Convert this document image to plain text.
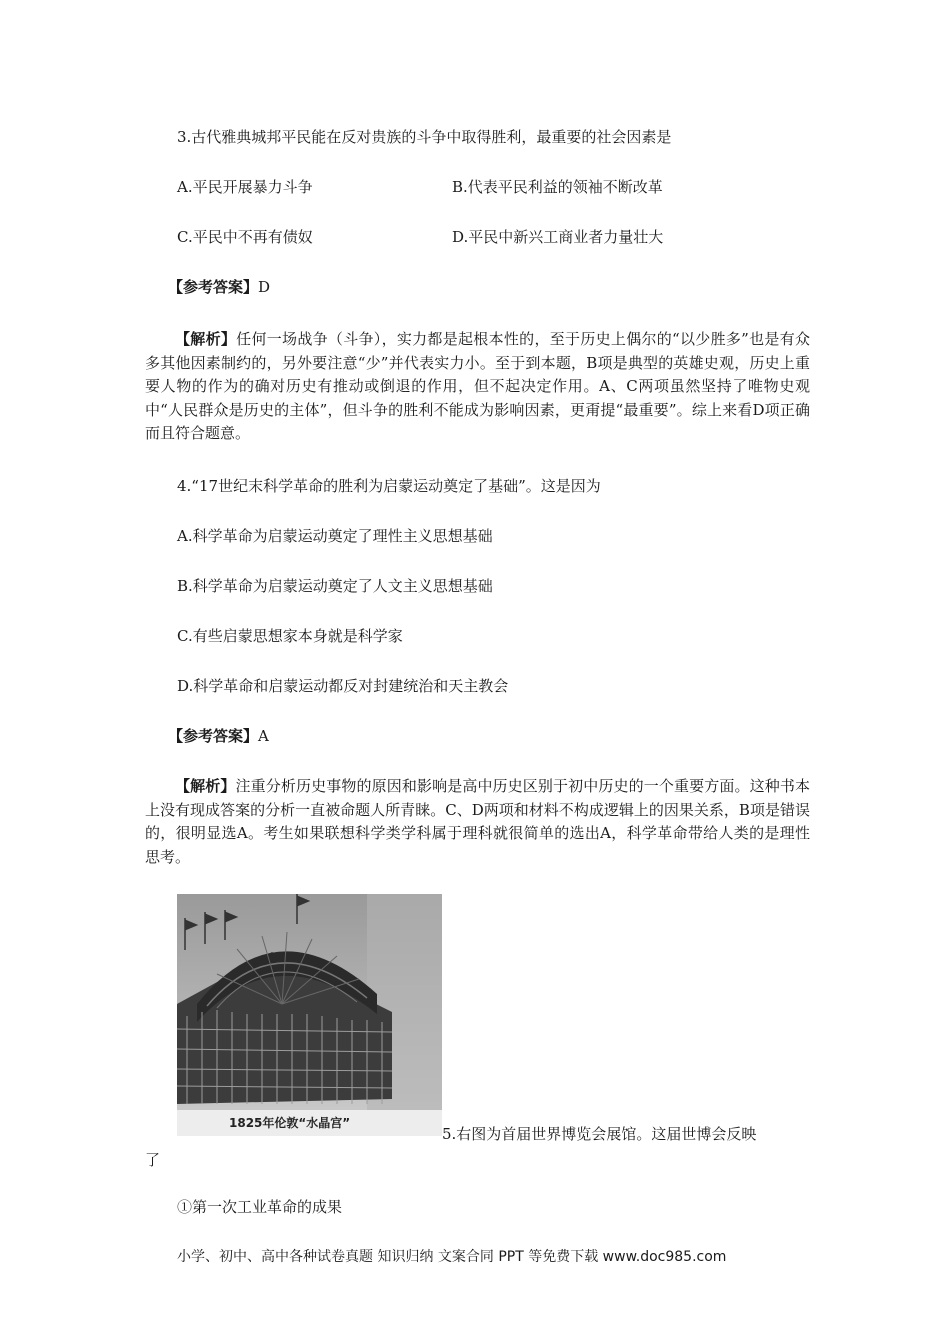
3.古代雅典城邦平民能在反对贵族的斗争中取得胜利，最重要的社会因素是
A.平民开展暴力斗争	B.代表平民利益的领袖不断改革
C.平民中不再有债奴	D.平民中新兴工商业者力量壮大
【参考答案】D
【解析】任何一场战争（斗争），实力都是起根本性的，至于历史上偶尔的“以少胜多”也是有众多其他因素制约的，另外要注意“少”并代表实力小。至于到本题，B项是典型的英雄史观，历史上重要人物的作为的确对历史有推动或倒退的作用，但不起决定作用。A、C两项虽然坚持了唯物史观中“人民群众是历史的主体”，但斗争的胜利不能成为影响因素，更甭提“最重要”。综上来看D项正确而且符合题意。
4.“17世纪末科学革命的胜利为启蒙运动奠定了基础”。这是因为
A.科学革命为启蒙运动奠定了理性主义思想基础
B.科学革命为启蒙运动奠定了人文主义思想基础
C.有些启蒙思想家本身就是科学家
D.科学革命和启蒙运动都反对封建统治和天主教会
【参考答案】A
【解析】注重分析历史事物的原因和影响是高中历史区别于初中历史的一个重要方面。这种书本上没有现成答案的分析一直被命题人所青睐。C、D两项和材料不构成逻辑上的因果关系，B项是错误的，很明显选A。考生如果联想科学类学科属于理科就很简单的选出A，科学革命带给人类的是理性思考。
1825年伦敦“水晶宫”
5.右图为首届世界博览会展馆。这届世博会反映
了
①第一次工业革命的成果
小学、初中、高中各种试卷真题 知识归纳 文案合同 PPT 等免费下载 www.doc985.com
